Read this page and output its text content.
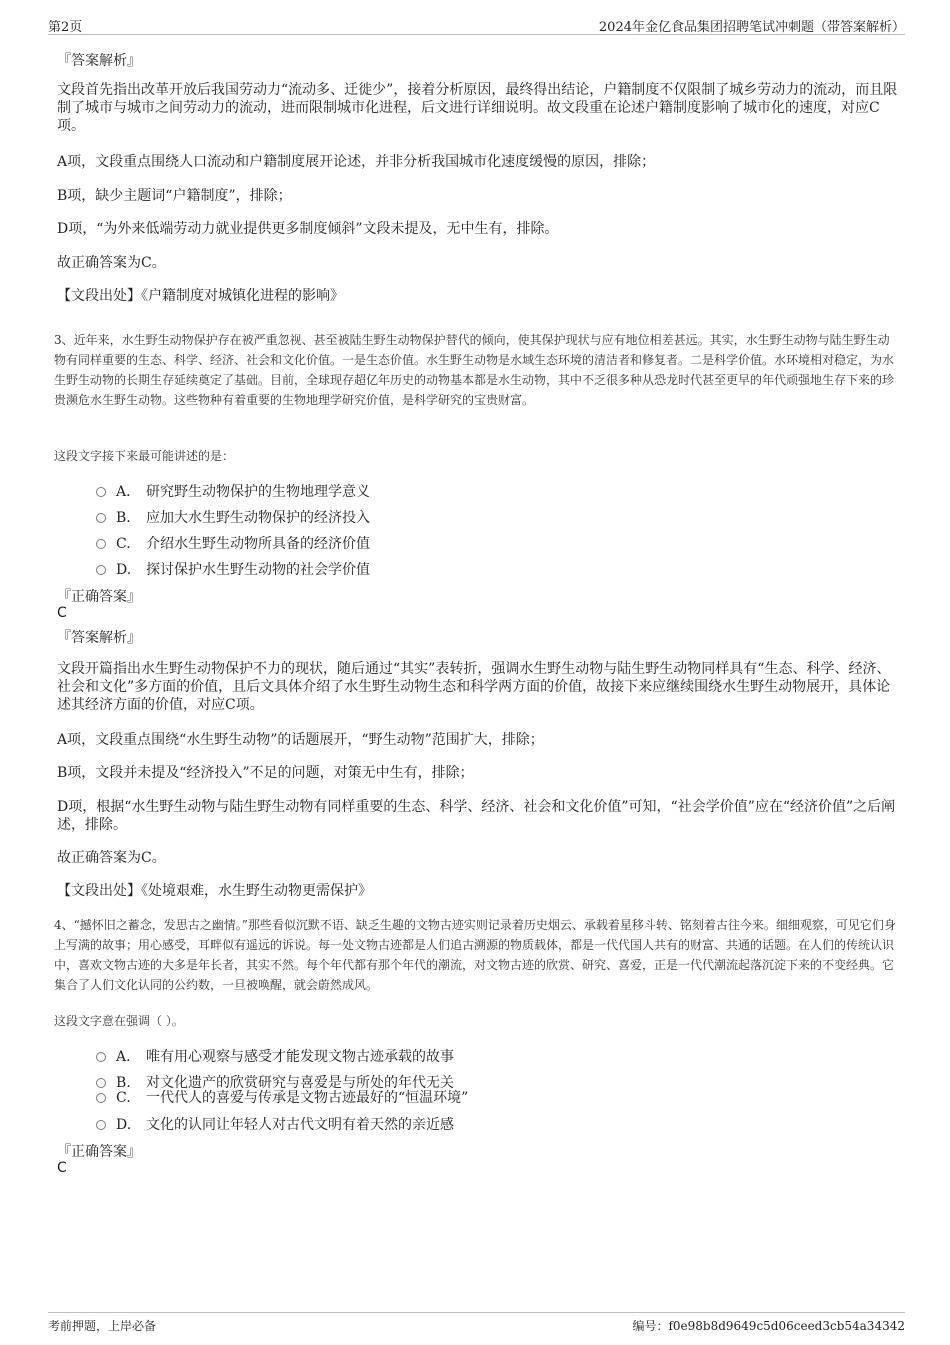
第2页	2024年金亿食品集团招聘笔试冲刺题（带答案解析）
『答案解析』

文段首先指出改革开放后我国劳动力“流动多、迁徙少”，接着分析原因，最终得出结论，户籍制度不仅限制了城乡劳动力的流动，而且限制了城市与城市之间劳动力的流动，进而限制城市化进程，后文进行详细说明。故文段重在论述户籍制度影响了城市化的速度，对应C项。

A项，文段重点围绕人口流动和户籍制度展开论述，并非分析我国城市化速度缓慢的原因，排除；

B项，缺少主题词“户籍制度”，排除；

D项，“为外来低端劳动力就业提供更多制度倾斜”文段未提及，无中生有，排除。

故正确答案为C。

【文段出处】《户籍制度对城镇化进程的影响》

3、近年来，水生野生动物保护存在被严重忽视、甚至被陆生野生动物保护替代的倾向，使其保护现状与应有地位相差甚远。其实，水生野生动物与陆生野生动物有同样重要的生态、科学、经济、社会和文化价值。一是生态价值。水生野生动物是水域生态环境的清洁者和修复者。二是科学价值。水环境相对稳定，为水生野生动物的长期生存延续奠定了基础。目前，全球现存超亿年历史的动物基本都是水生动物，其中不乏很多种从恐龙时代甚至更早的年代顽强地生存下来的珍贵濒危水生野生动物。这些物种有着重要的生物地理学研究价值，是科学研究的宝贵财富。

这段文字接下来最可能讲述的是：

A． 研究野生动物保护的生物地理学意义
B. 应加大水生野生动物保护的经济投入
C. 介绍水生野生动物所具备的经济价值
D. 探讨保护水生野生动物的社会学价值
『正确答案』
C
『答案解析』

文段开篇指出水生野生动物保护不力的现状，随后通过“其实”表转折，强调水生野生动物与陆生野生动物同样具有“生态、科学、经济、社会和文化”多方面的价值，且后文具体介绍了水生野生动物生态和科学两方面的价值，故接下来应继续围绕水生野生动物展开，具体论述其经济方面的价值，对应C项。

A项，文段重点围绕“水生野生动物”的话题展开，“野生动物”范围扩大，排除；

B项，文段并未提及“经济投入”不足的问题，对策无中生有，排除；

D项，根据“水生野生动物与陆生野生动物有同样重要的生态、科学、经济、社会和文化价值”可知，“社会学价值”应在“经济价值”之后阐述，排除。

故正确答案为C。

【文段出处】《处境艰难，水生野生动物更需保护》

4、“撼怀旧之蓄念，发思古之幽情。”那些看似沉默不语、缺乏生趣的文物古迹实则记录着历史烟云、承载着星移斗转、铭刻着古往今来。细细观察，可见它们身上写满的故事；用心感受，耳畔似有遥远的诉说。每一处文物古迹都是人们追古溯源的物质载体，都是一代代国人共有的财富、共通的话题。在人们的传统认识中，喜欢文物古迹的大多是年长者，其实不然。每个年代都有那个年代的潮流，对文物古迹的欣赏、研究、喜爱，正是一代代潮流起落沉淀下来的不变经典。它集合了人们文化认同的公约数，一旦被唤醒，就会蔚然成风。

这段文字意在强调（ ）。

A． 唯有用心观察与感受才能发现文物古迹承载的故事
B. 对文化遗产的欣赏研究与喜爱是与所处的年代无关
C. 一代代人的喜爱与传承是文物古迹最好的“恒温环境”
D. 文化的认同让年轻人对古代文明有着天然的亲近感
『正确答案』
C
考前押题，上岸必备	编号：f0e98b8d9649c5d06ceed3cb54a34342
